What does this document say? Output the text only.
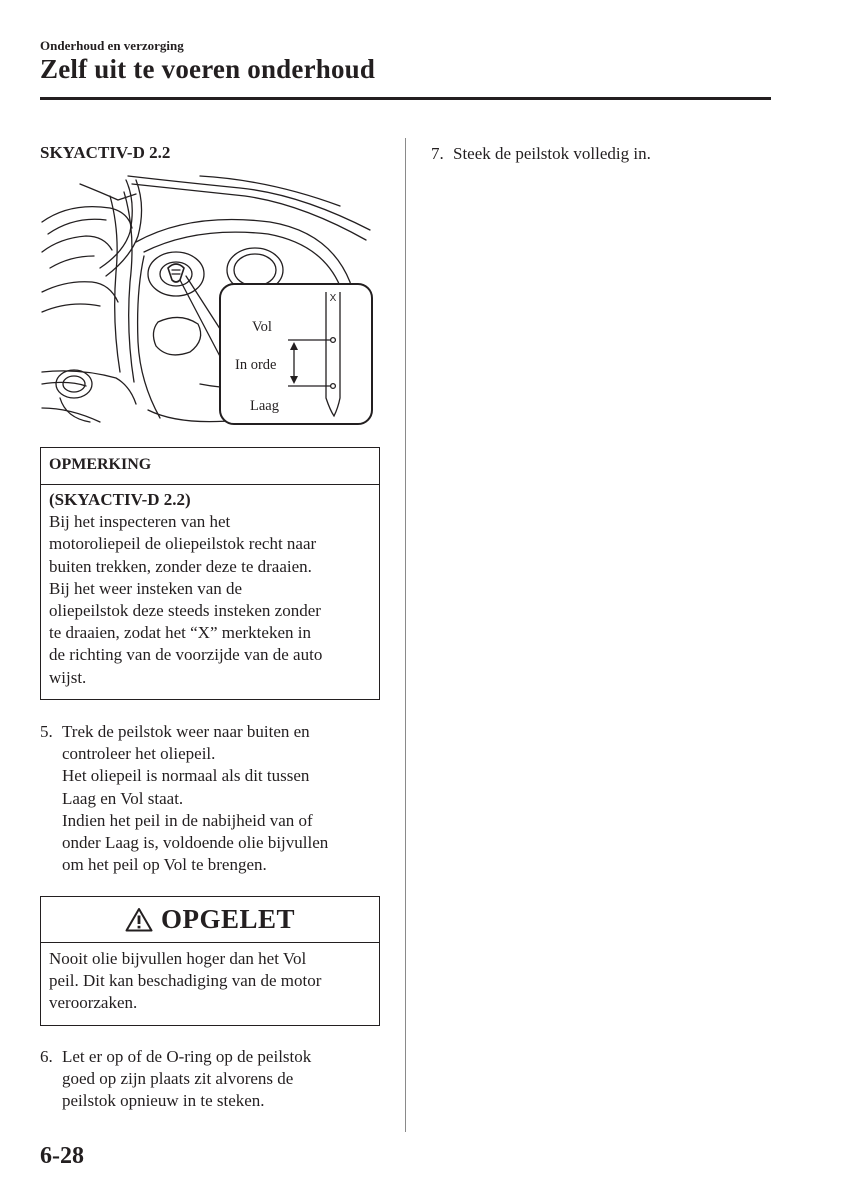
Onderhoud en verzorging
Zelf uit te voeren onderhoud
SKYACTIV-D 2.2
X
Vol
In orde
Laag
OPMERKING
(SKYACTIV-D 2.2)
Bij het inspecteren van het
motoroliepeil de oliepeilstok recht naar
buiten trekken, zonder deze te draaien.
Bij het weer insteken van de
oliepeilstok deze steeds insteken zonder
te draaien, zodat het “X” merkteken in
de richting van de voorzijde van de auto
wijst.
5. Trek de peilstok weer naar buiten en
controleer het oliepeil.
Het oliepeil is normaal als dit tussen
Laag en Vol staat.
Indien het peil in de nabijheid van of
onder Laag is, voldoende olie bijvullen
om het peil op Vol te brengen.
OPGELET
Nooit olie bijvullen hoger dan het Vol
peil. Dit kan beschadiging van de motor
veroorzaken.
6. Let er op of de O-ring op de peilstok
goed op zijn plaats zit alvorens de
peilstok opnieuw in te steken.
7. Steek de peilstok volledig in.
6-28
